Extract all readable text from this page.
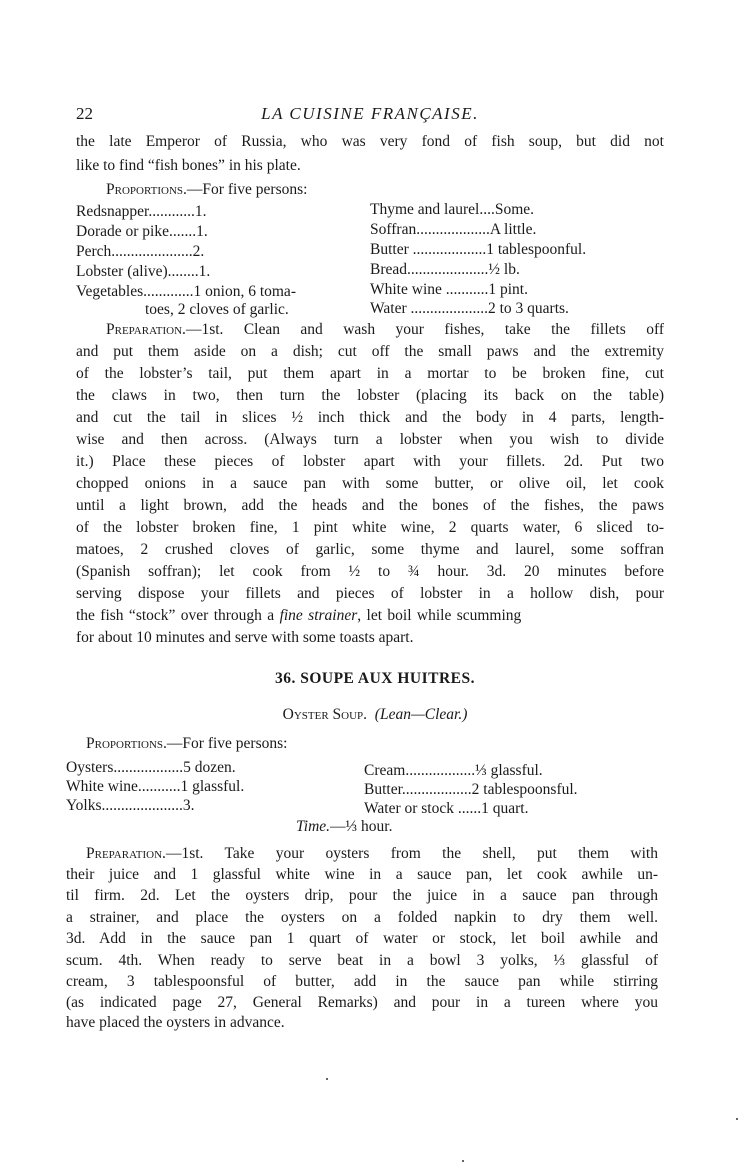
22	LA CUISINE FRANÇAISE.
the late Emperor of Russia, who was very fond of fish soup, but did not
like to find “fish bones” in his plate.
Proportions.—For five persons:
Redsnapper............1.
Dorade or pike.......1.
Perch.....................2.
Lobster (alive)........1.
Vegetables.............1 onion, 6 toma-
toes, 2 cloves of garlic.
Thyme and laurel....Some.
Soffran...................A little.
Butter ...................1 tablespoonful.
Bread.....................½ lb.
White wine ...........1 pint.
Water ....................2 to 3 quarts.
Preparation.—1st. Clean and wash your fishes, take the fillets off
and put them aside on a dish; cut off the small paws and the extremity
of the lobster’s tail, put them apart in a mortar to be broken fine, cut
the claws in two, then turn the lobster (placing its back on the table)
and cut the tail in slices ½ inch thick and the body in 4 parts, length-
wise and then across. (Always turn a lobster when you wish to divide
it.) Place these pieces of lobster apart with your fillets. 2d. Put two
chopped onions in a sauce pan with some butter, or olive oil, let cook
until a light brown, add the heads and the bones of the fishes, the paws
of the lobster broken fine, 1 pint white wine, 2 quarts water, 6 sliced to-
matoes, 2 crushed cloves of garlic, some thyme and laurel, some soffran
(Spanish soffran); let cook from ½ to ¾ hour. 3d. 20 minutes before
serving dispose your fillets and pieces of lobster in a hollow dish, pour
the fish “stock” over through a fine strainer, let boil while scumming
for about 10 minutes and serve with some toasts apart.
36. SOUPE AUX HUITRES.
Oyster Soup. (Lean—Clear.)
Proportions.—For five persons:
Oysters..................5 dozen.
White wine...........1 glassful.
Yolks.....................3.
Cream..................⅓ glassful.
Butter..................2 tablespoonsful.
Water or stock ......1 quart.
Time.—⅓ hour.
Preparation.—1st. Take your oysters from the shell, put them with
their juice and 1 glassful white wine in a sauce pan, let cook awhile un-
til firm. 2d. Let the oysters drip, pour the juice in a sauce pan through
a strainer, and place the oysters on a folded napkin to dry them well.
3d. Add in the sauce pan 1 quart of water or stock, let boil awhile and
scum. 4th. When ready to serve beat in a bowl 3 yolks, ⅓ glassful of
cream, 3 tablespoonsful of butter, add in the sauce pan while stirring
(as indicated page 27, General Remarks) and pour in a tureen where you
have placed the oysters in advance.
